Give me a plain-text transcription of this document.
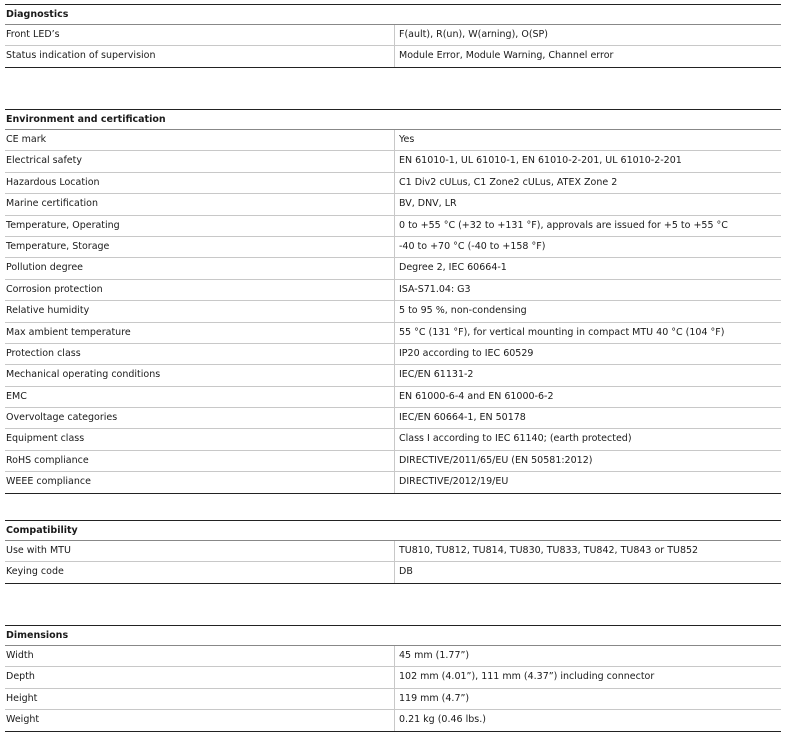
Diagnostics
Front LED’s	F(ault), R(un), W(arning), O(SP)
Status indication of supervision	Module Error, Module Warning, Channel error
Environment and certification
CE mark	Yes
Electrical safety	EN 61010-1, UL 61010-1, EN 61010-2-201, UL 61010-2-201
Hazardous Location	C1 Div2 cULus, C1 Zone2 cULus, ATEX Zone 2
Marine certification	BV, DNV, LR
Temperature, Operating	0 to +55 °C (+32 to +131 °F), approvals are issued for +5 to +55 °C
Temperature, Storage	-40 to +70 °C (-40 to +158 °F)
Pollution degree	Degree 2, IEC 60664-1
Corrosion protection	ISA-S71.04: G3
Relative humidity	5 to 95 %, non-condensing
Max ambient temperature	55 °C (131 °F), for vertical mounting in compact MTU 40 °C (104 °F)
Protection class	IP20 according to IEC 60529
Mechanical operating conditions	IEC/EN 61131-2
EMC	EN 61000-6-4 and EN 61000-6-2
Overvoltage categories	IEC/EN 60664-1, EN 50178
Equipment class	Class I according to IEC 61140; (earth protected)
RoHS compliance	DIRECTIVE/2011/65/EU (EN 50581:2012)
WEEE compliance	DIRECTIVE/2012/19/EU
Compatibility
Use with MTU	TU810, TU812, TU814, TU830, TU833, TU842, TU843 or TU852
Keying code	DB
Dimensions
Width	45 mm (1.77”)
Depth	102 mm (4.01”), 111 mm (4.37”) including connector
Height	119 mm (4.7”)
Weight	0.21 kg (0.46 lbs.)
